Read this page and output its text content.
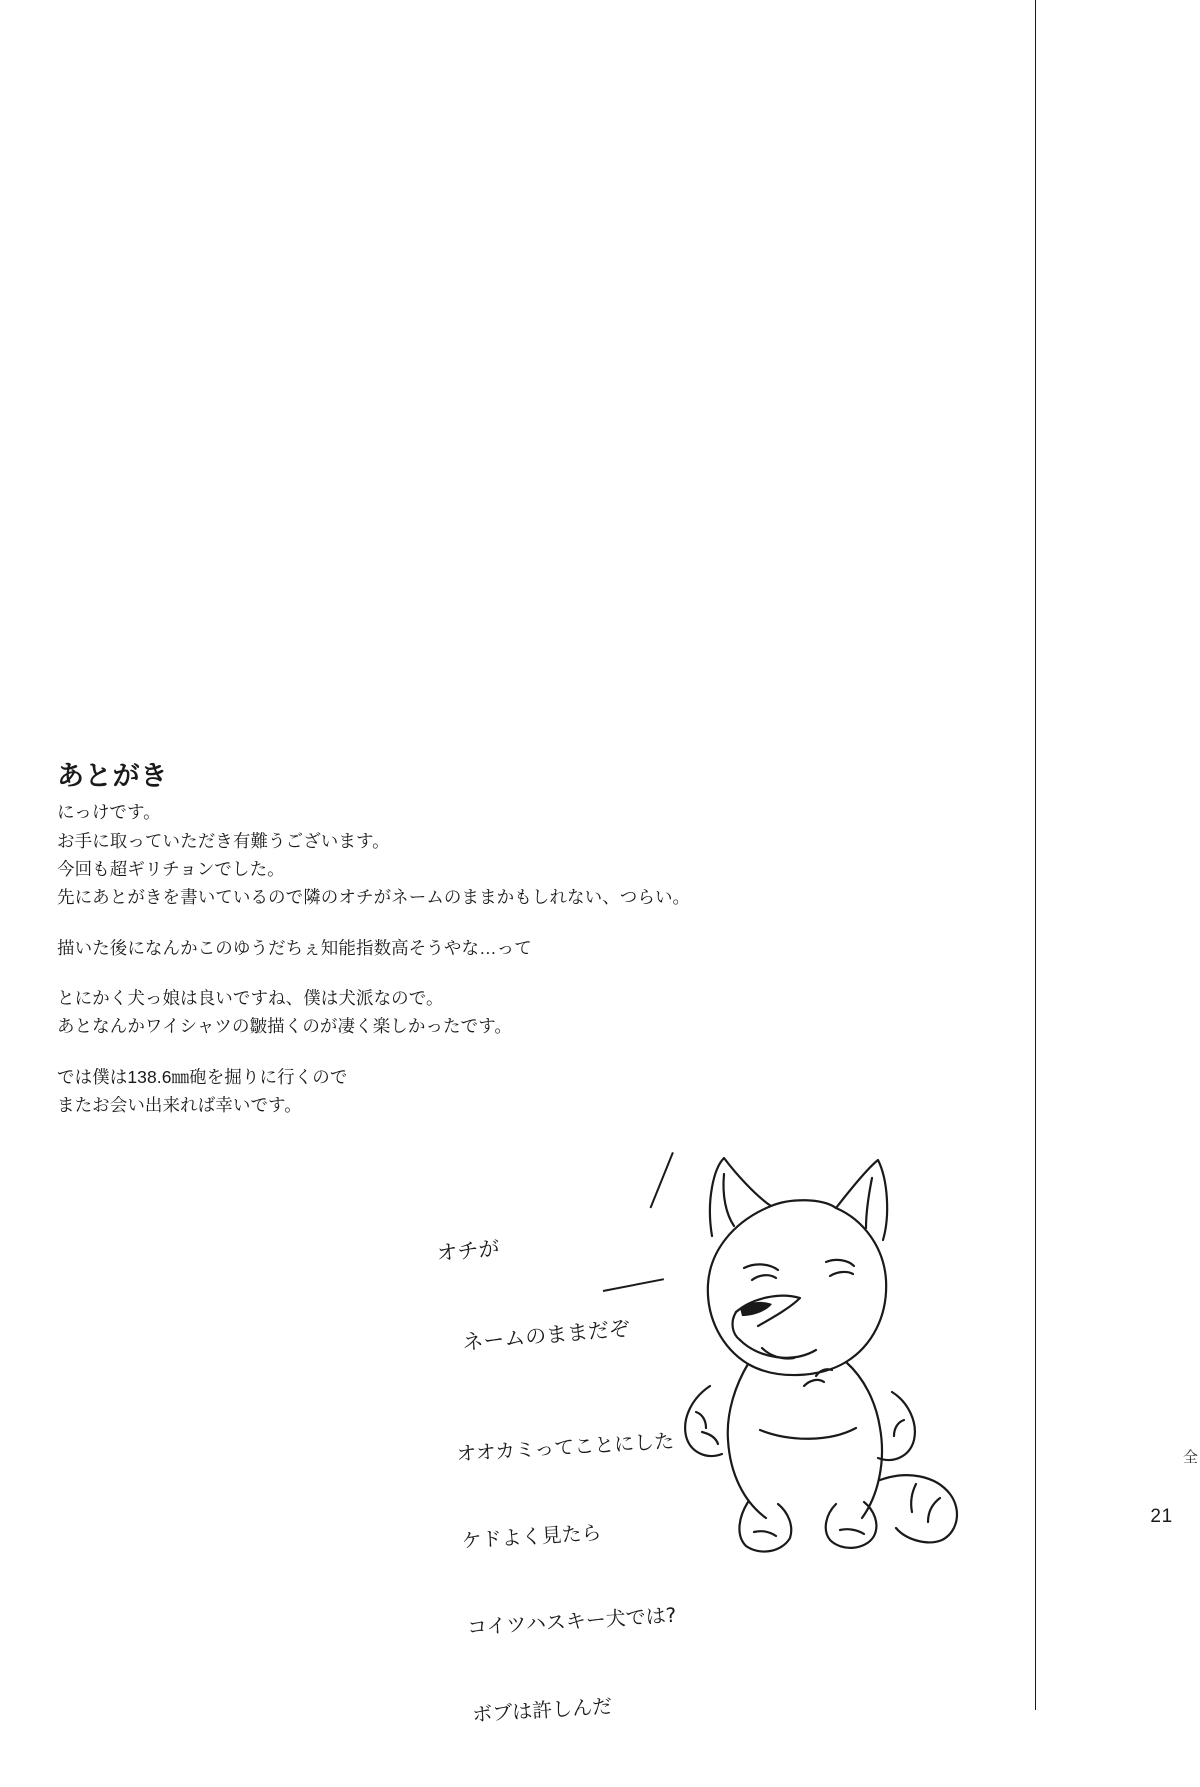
あとがき

にっけです。

お手に取っていただき有難うございます。

今回も超ギリチョンでした。

先にあとがきを書いているので隣のオチがネームのままかもしれない、つらい。

描いた後になんかこのゆうだちぇ知能指数高そうやな…って

とにかく犬っ娘は良いですね、僕は犬派なので。

あとなんかワイシャツの皺描くのが凄く楽しかったです。

では僕は138.6㎜砲を掘りに行くので

またお会い出来れば幸いです。

オチが

ネームのままだぞ

オオカミってことにした

ケドよく見たら

コイツハスキー犬では?

ボブは許しんだ

21
全
